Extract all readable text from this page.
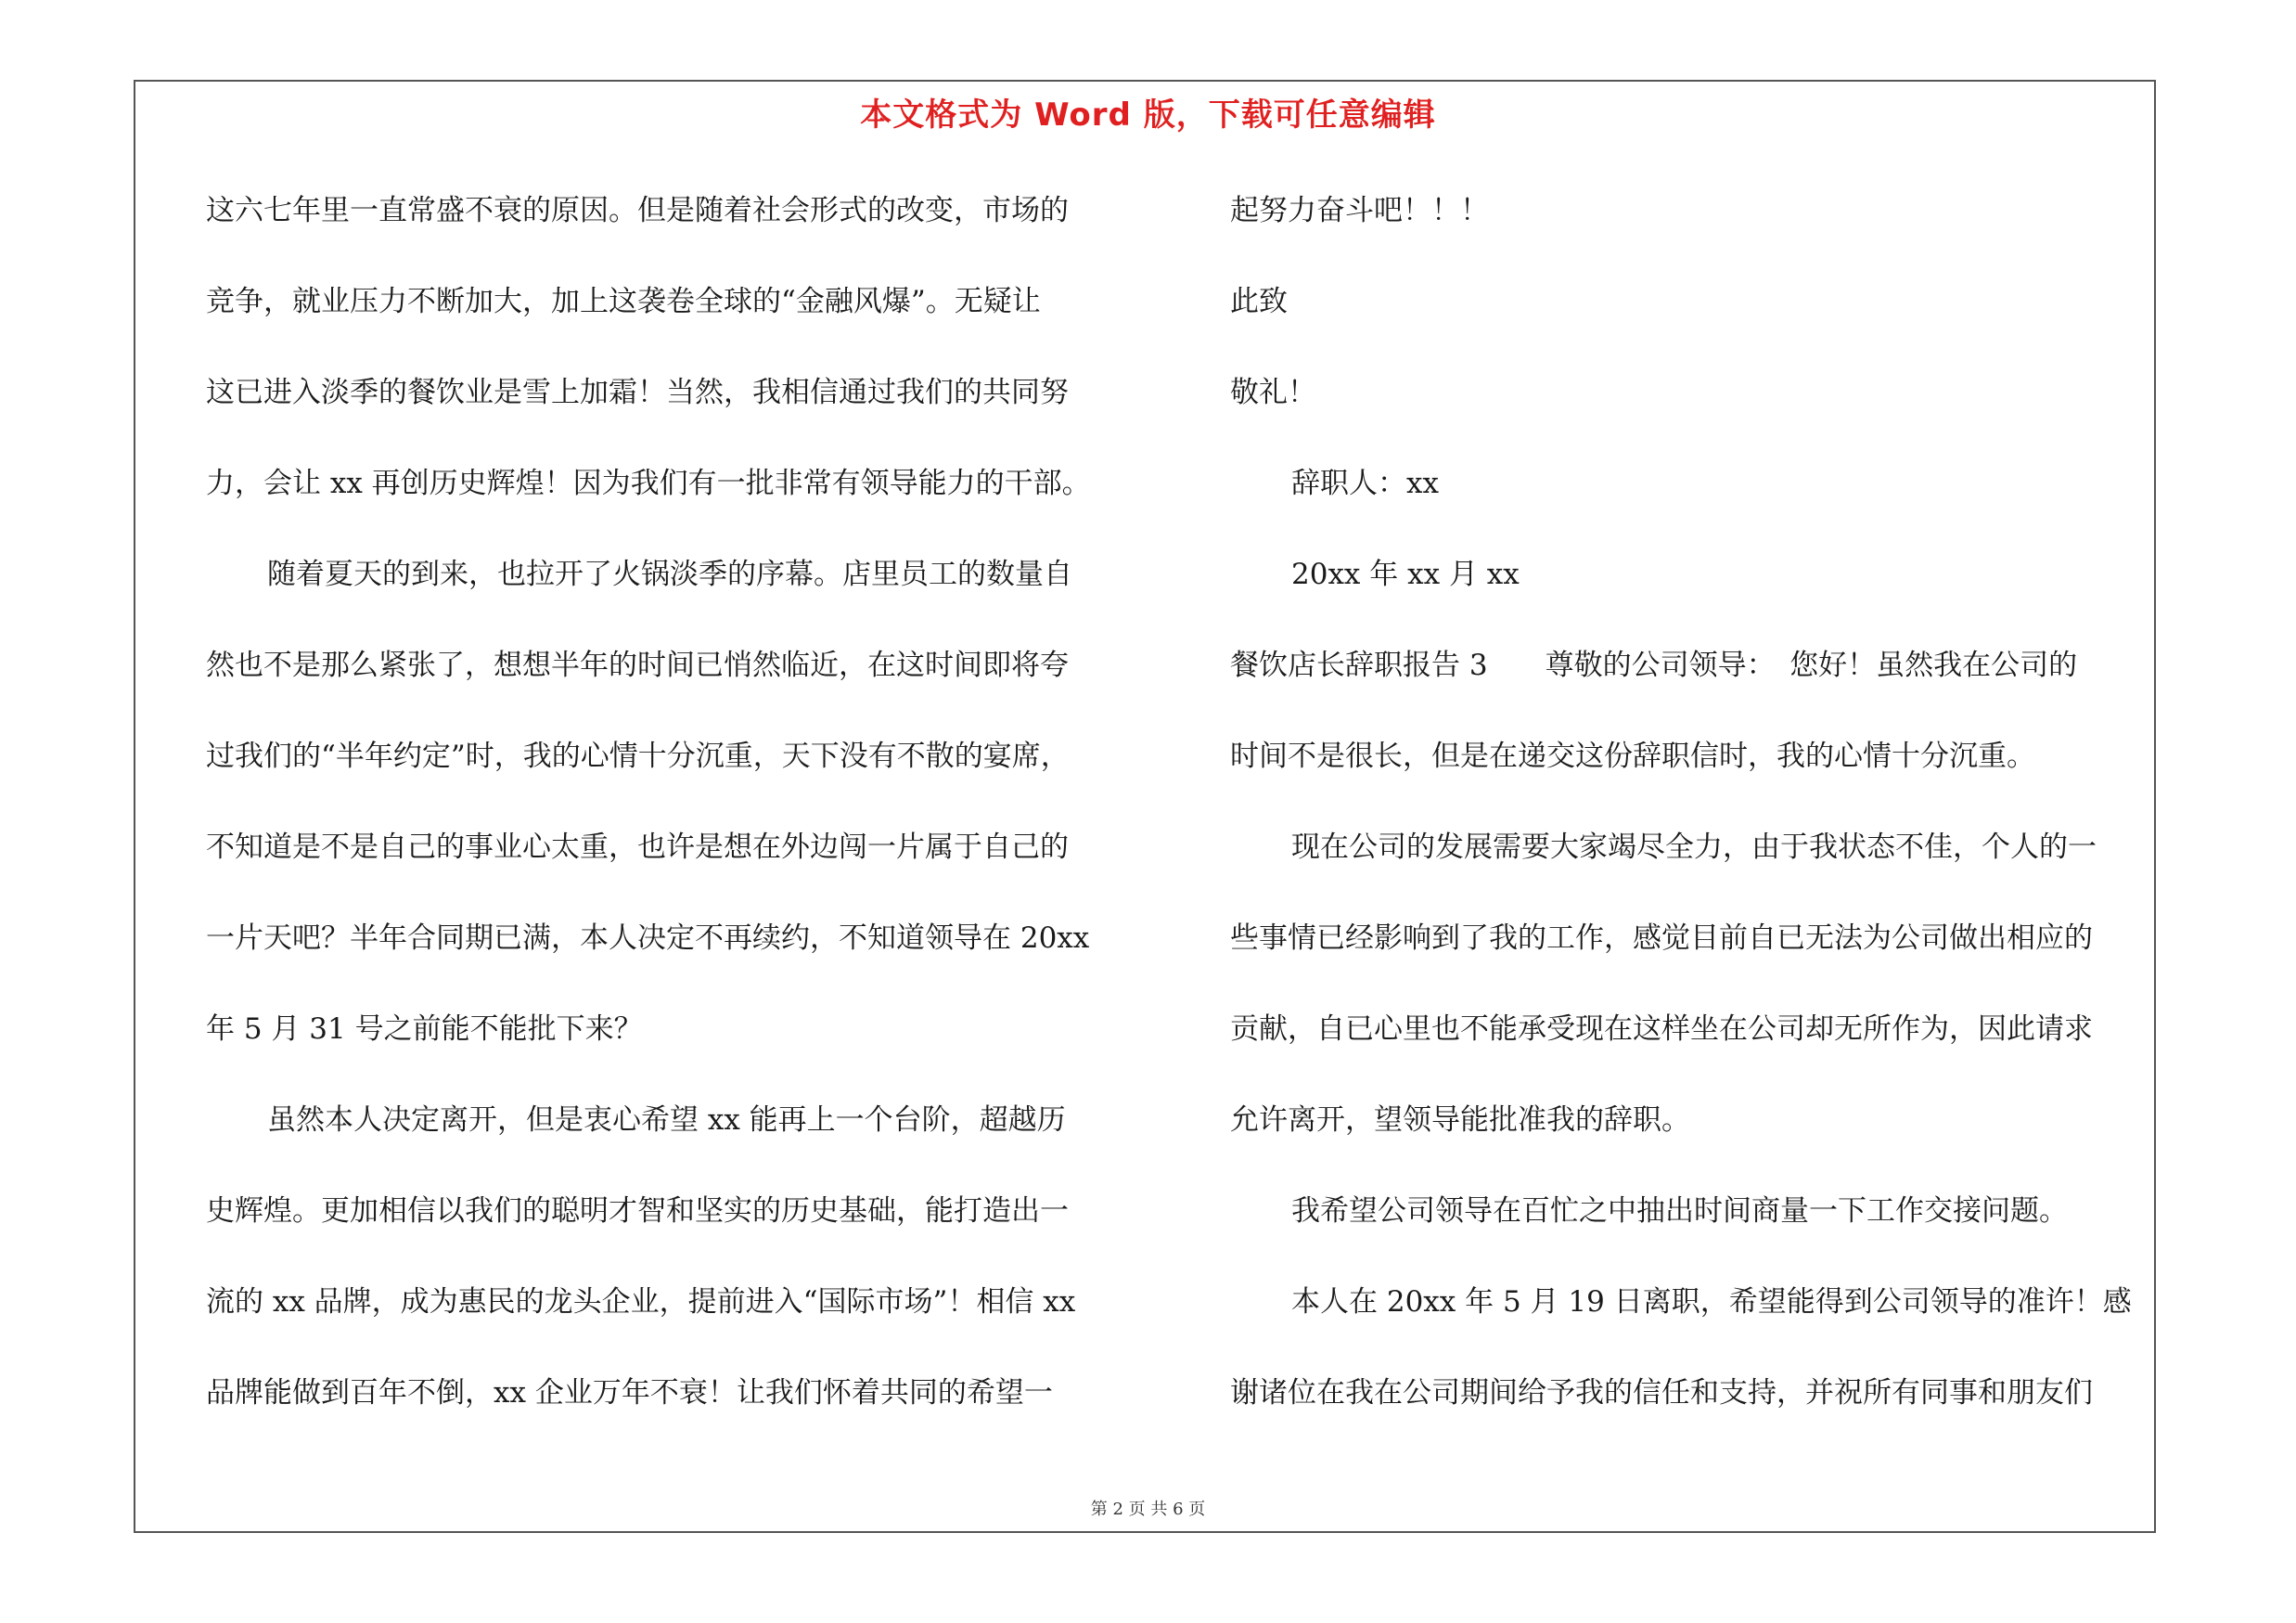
本文格式为 Word 版，下载可任意编辑
这六七年里一直常盛不衰的原因。但是随着社会形式的改变，市场的
竞争，就业压力不断加大，加上这袭卷全球的“金融风爆”。无疑让
这已进入淡季的餐饮业是雪上加霜！当然，我相信通过我们的共同努
力，会让 xx 再创历史辉煌！因为我们有一批非常有领导能力的干部。
随着夏天的到来，也拉开了火锅淡季的序幕。店里员工的数量自
然也不是那么紧张了，想想半年的时间已悄然临近，在这时间即将夸
过我们的“半年约定”时，我的心情十分沉重，天下没有不散的宴席，
不知道是不是自己的事业心太重，也许是想在外边闯一片属于自己的
一片天吧？半年合同期已满，本人决定不再续约，不知道领导在 20xx
年 5 月 31 号之前能不能批下来？
虽然本人决定离开，但是衷心希望 xx 能再上一个台阶，超越历
史辉煌。更加相信以我们的聪明才智和坚实的历史基础，能打造出一
流的 xx 品牌，成为惠民的龙头企业，提前进入“国际市场”！相信 xx
品牌能做到百年不倒，xx 企业万年不衰！让我们怀着共同的希望一
起努力奋斗吧！！！
此致
敬礼！
辞职人：xx
20xx 年 xx 月 xx
餐饮店长辞职报告 3　　尊敬的公司领导：　您好！虽然我在公司的
时间不是很长，但是在递交这份辞职信时，我的心情十分沉重。
现在公司的发展需要大家竭尽全力，由于我状态不佳，个人的一
些事情已经影响到了我的工作，感觉目前自已无法为公司做出相应的
贡献，自已心里也不能承受现在这样坐在公司却无所作为，因此请求
允许离开，望领导能批准我的辞职。
我希望公司领导在百忙之中抽出时间商量一下工作交接问题。
本人在 20xx 年 5 月 19 日离职，希望能得到公司领导的准许！感
谢诸位在我在公司期间给予我的信任和支持，并祝所有同事和朋友们
第 2 页 共 6 页
